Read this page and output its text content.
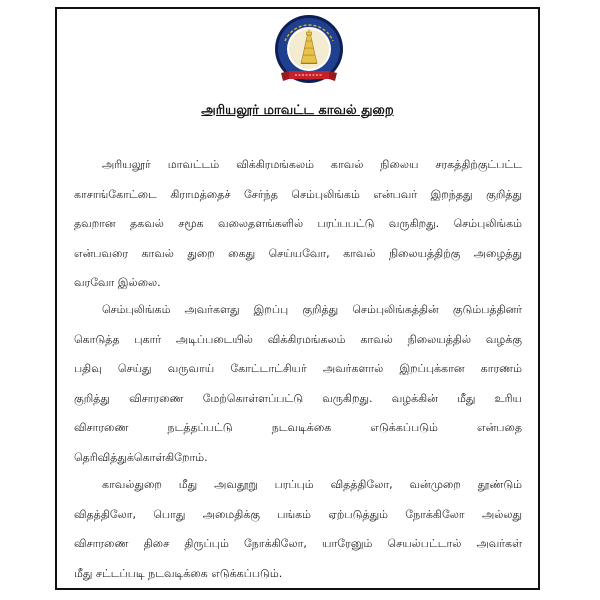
அரியலூர் மாவட்ட காவல் துறை

அரியலூர் மாவட்டம் விக்கிரமங்கலம் காவல் நிலைய சரகத்திற்குட்பட்ட
காசாங்கோட்டை கிராமத்தைச் சேர்ந்த செம்புலிங்கம் என்பவர் இறந்தது குறித்து
தவறான தகவல் சமூக வலைதளங்களில் பரப்பபட்டு வருகிறது. செம்புலிங்கம்
என்பவரை காவல் துறை கைது செய்யவோ, காவல் நிலையத்திற்கு அழைத்து
வரவோ இல்லை.

செம்புலிங்கம் அவர்களது இறப்பு குறித்து செம்புலிங்கத்தின் குடும்பத்தினர்
கொடுத்த புகார் அடிப்படையில் விக்கிரமங்கலம் காவல் நிலையத்தில் வழக்கு
பதிவு செய்து வருவாய் கோட்டாட்சியர் அவர்களால் இறப்புக்கான காரணம்
குறித்து விசாரணை மேற்கொள்ளப்பட்டு வருகிறது. வழக்கின் மீது உரிய
விசாரணை நடத்தப்பட்டு நடவடிக்கை எடுக்கப்படும் என்பதை
தெரிவித்துக்கொள்கிறோம்.

காவல்துறை மீது அவதூறு பரப்பும் விதத்திலோ, வன்முறை தூண்டும்
விதத்திலோ, பொது அமைதிக்கு பங்கம் ஏற்படுத்தும் நோக்கிலோ அல்லது
விசாரணை திசை திருப்பும் நோக்கிலோ, யாரேனும் செயல்பட்டால் அவர்கள்
மீது சட்டப்படி நடவடிக்கை எடுக்கப்படும்.
